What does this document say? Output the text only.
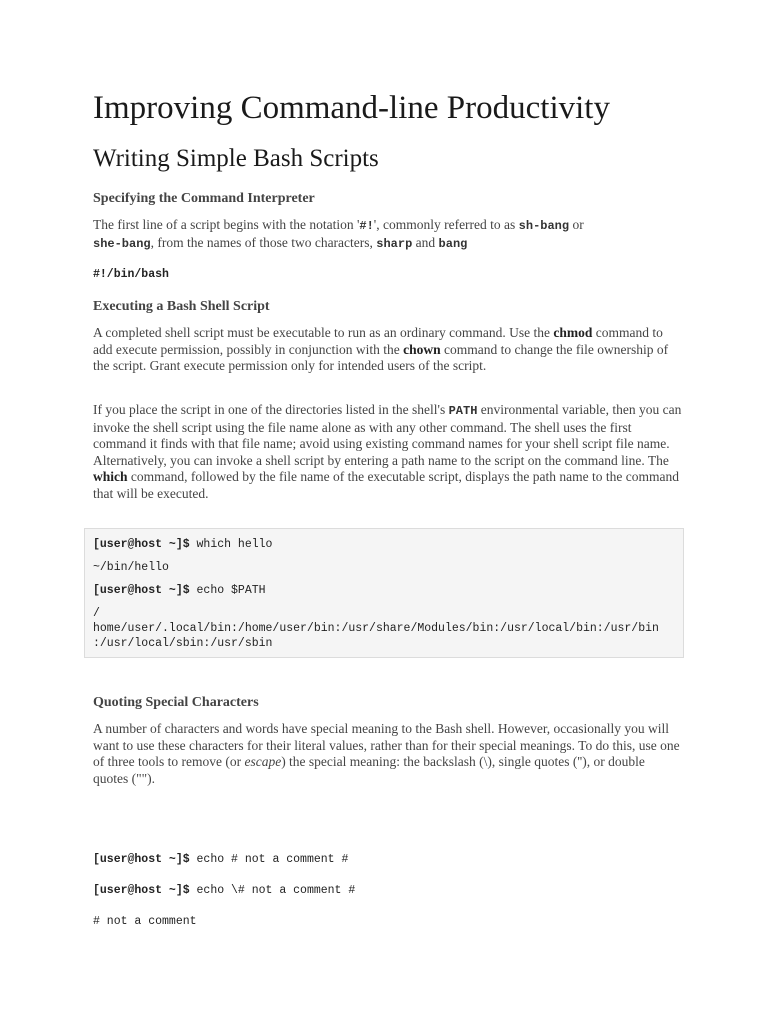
Improving Command-line Productivity
Writing Simple Bash Scripts
Specifying the Command Interpreter
The first line of a script begins with the notation '#!', commonly referred to as sh-bang or
she-bang, from the names of those two characters, sharp and bang
#!/bin/bash
Executing a Bash Shell Script
A completed shell script must be executable to run as an ordinary command. Use the chmod command to add execute permission, possibly in conjunction with the chown command to change the file ownership of the script. Grant execute permission only for intended users of the script.
If you place the script in one of the directories listed in the shell's PATH environmental variable, then you can invoke the shell script using the file name alone as with any other command. The shell uses the first command it finds with that file name; avoid using existing command names for your shell script file name. Alternatively, you can invoke a shell script by entering a path name to the script on the command line. The which command, followed by the file name of the executable script, displays the path name to the command that will be executed.
Quoting Special Characters
A number of characters and words have special meaning to the Bash shell. However, occasionally you will want to use these characters for their literal values, rather than for their special meanings. To do this, use one of three tools to remove (or escape) the special meaning: the backslash (\), single quotes (''), or double quotes ("").
[user@host ~]$ echo # not a comment #
[user@host ~]$ echo \# not a comment #
# not a comment
[user@host ~]$ which hello
~/bin/hello
[user@host ~]$ echo $PATH
/
home/user/.local/bin:/home/user/bin:/usr/share/Modules/bin:/usr/local/bin:/usr/bin
:/usr/local/sbin:/usr/sbin
